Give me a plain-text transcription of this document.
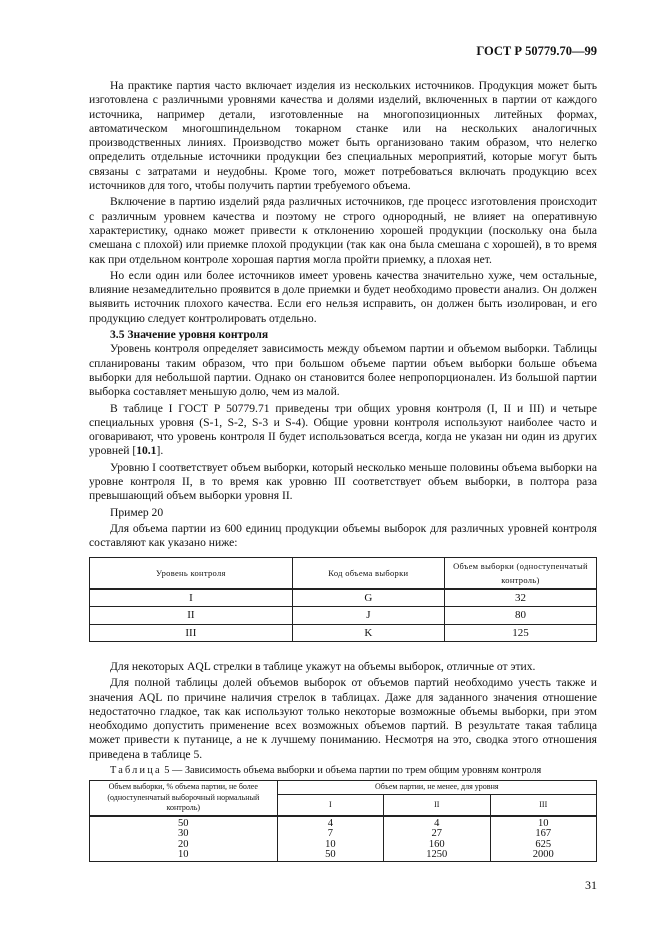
ГОСТ Р 50779.70—99

На практике партия часто включает изделия из нескольких источников. Продукция может быть изготовлена с различными уровнями качества и долями изделий, включенных в партии от каждого источника, например детали, изготовленные на многопозиционных литейных формах, автоматическом многошпиндельном токарном станке или на нескольких аналогичных производственных линиях. Производство может быть организовано таким образом, что нелегко определить отдельные источники продукции без специальных мероприятий, которые могут быть связаны с затратами и неудобны. Кроме того, может потребоваться включать продукцию всех источников для того, чтобы получить партии требуемого объема.

Включение в партию изделий ряда различных источников, где процесс изготовления происходит с различным уровнем качества и поэтому не строго однородный, не влияет на оперативную характеристику, однако может привести к отклонению хорошей продукции (поскольку она была смешана с плохой) или приемке плохой продукции (так как она была смешана с хорошей), в то время как при отдельном контроле хорошая партия могла пройти приемку, а плохая нет.

Но если один или более источников имеет уровень качества значительно хуже, чем остальные, влияние незамедлительно проявится в доле приемки и будет необходимо провести анализ. Он должен выявить источник плохого качества. Если его нельзя исправить, он должен быть изолирован, и его продукцию следует контролировать отдельно.

3.5 Значение уровня контроля

Уровень контроля определяет зависимость между объемом партии и объемом выборки. Таблицы спланированы таким образом, что при большом объеме партии объем выборки больше объема выборки для небольшой партии. Однако он становится более непропорционален. Из большой партии выборка составляет меньшую долю, чем из малой.

В таблице I ГОСТ Р 50779.71 приведены три общих уровня контроля (I, II и III) и четыре специальных уровня (S-1, S-2, S-3 и S-4). Общие уровни контроля используют наиболее часто и оговаривают, что уровень контроля II будет использоваться всегда, когда не указан ни один из других уровней [10.1].

Уровню I соответствует объем выборки, который несколько меньше половины объема выборки на уровне контроля II, в то время как уровню III соответствует объем выборки, в полтора раза превышающий объем выборки уровня II.

Пример 20

Для объема партии из 600 единиц продукции объемы выборок для различных уровней контроля составляют как указано ниже:

Уровень контроля	Код объема выборки	Объем выборки (одноступенчатый контроль)
I	G	32
II	J	80
III	K	125

Для некоторых AQL стрелки в таблице укажут на объемы выборок, отличные от этих.

Для полной таблицы долей объемов выборок от объемов партий необходимо учесть также и значения AQL по причине наличия стрелок в таблицах. Даже для заданного значения отношение недостаточно гладкое, так как используют только некоторые возможные объемы выборки, при этом необходимо допустить применение всех возможных объемов партий. В результате такая таблица может привести к путанице, а не к лучшему пониманию. Несмотря на это, сводка этого отношения приведена в таблице 5.

Таблица 5 — Зависимость объема выборки и объема партии по трем общим уровням контроля

Объем выборки, % объема партии, не более (одноступенчатый выборочный нормальный контроль)	Объем партии, не менее, для уровня		
	I	II	III
50	4	4	10
30	7	27	167
20	10	160	625
10	50	1250	2000
31
